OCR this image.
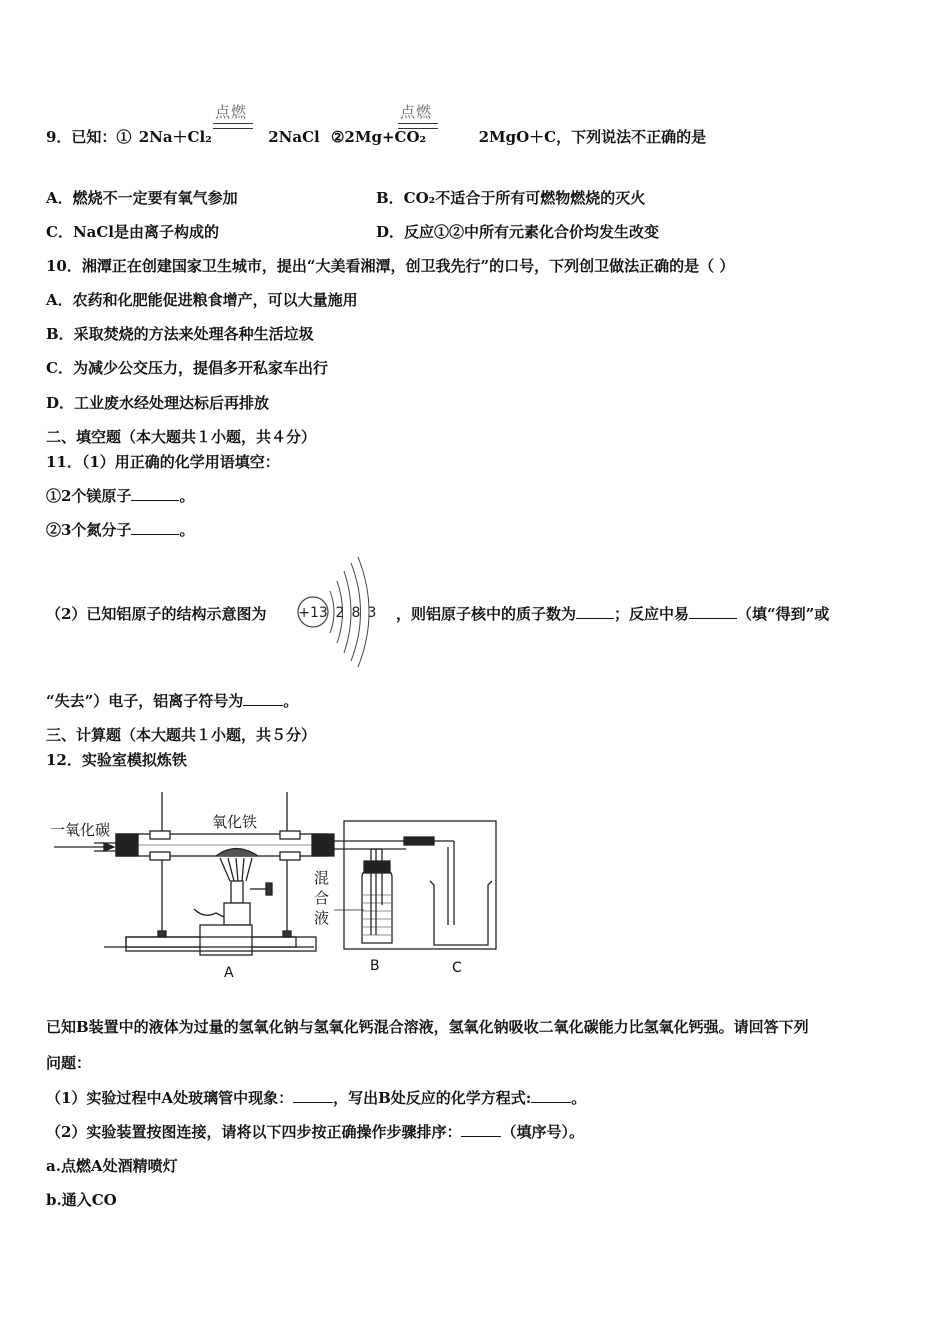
9．已知：① 2Na＋Cl₂	2NaCl ②2Mg+CO₂	2MgO＋C，下列说法不正确的是
点燃	点燃
A．燃烧不一定要有氧气参加	B．CO₂不适合于所有可燃物燃烧的灭火
C．NaCl是由离子构成的	D．反应①②中所有元素化合价均发生改变
10．湘潭正在创建国家卫生城市，提出“大美看湘潭，创卫我先行”的口号，下列创卫做法正确的是（ ）
A．农药和化肥能促进粮食增产，可以大量施用
B．采取焚烧的方法来处理各种生活垃圾
C．为减少公交压力，提倡多开私家车出行
D．工业废水经处理达标后再排放
二、填空题（本大题共１小题，共４分）
11．（1）用正确的化学用语填空：
①2个镁原子	。
②3个氮分子	。
+13 2 8 3
（2）已知铝原子的结构示意图为	，则铝原子核中的质子数为	；反应中易	（填“得到”或
“失去”）电子，铝离子符号为	。
三、计算题（本大题共１小题，共５分）
12．实验室模拟炼铁
一氧化碳	氧化铁
混
合
液
A	B	C
已知B装置中的液体为过量的氢氧化钠与氢氧化钙混合溶液，氢氧化钠吸收二氧化碳能力比氢氧化钙强。请回答下列
问题：
（1）实验过程中A处玻璃管中现象：	，写出B处反应的化学方程式:	。
（2）实验装置按图连接，请将以下四步按正确操作步骤排序：	（填序号）。
a.点燃A处酒精喷灯
b.通入CO
